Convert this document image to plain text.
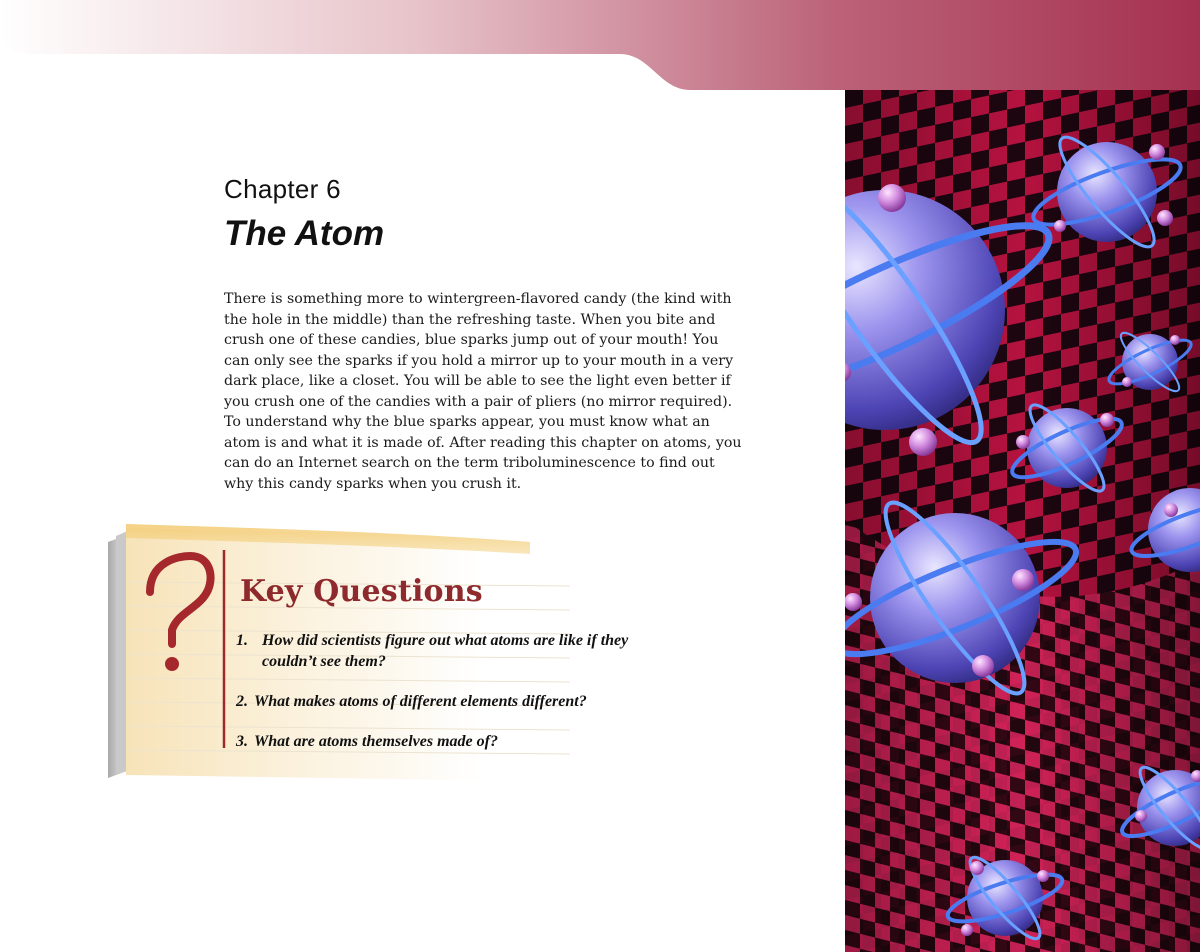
Chapter 6
The Atom

There is something more to wintergreen-flavored candy (the kind with the hole in the middle) than the refreshing taste. When you bite and crush one of these candies, blue sparks jump out of your mouth! You can only see the sparks if you hold a mirror up to your mouth in a very dark place, like a closet. You will be able to see the light even better if you crush one of the candies with a pair of pliers (no mirror required). To understand why the blue sparks appear, you must know what an atom is and what it is made of. After reading this chapter on atoms, you can do an Internet search on the term triboluminescence to find out why this candy sparks when you crush it.

Key Questions
1. How did scientists figure out what atoms are like if they couldn’t see them?
2. What makes atoms of different elements different?
3. What are atoms themselves made of?
